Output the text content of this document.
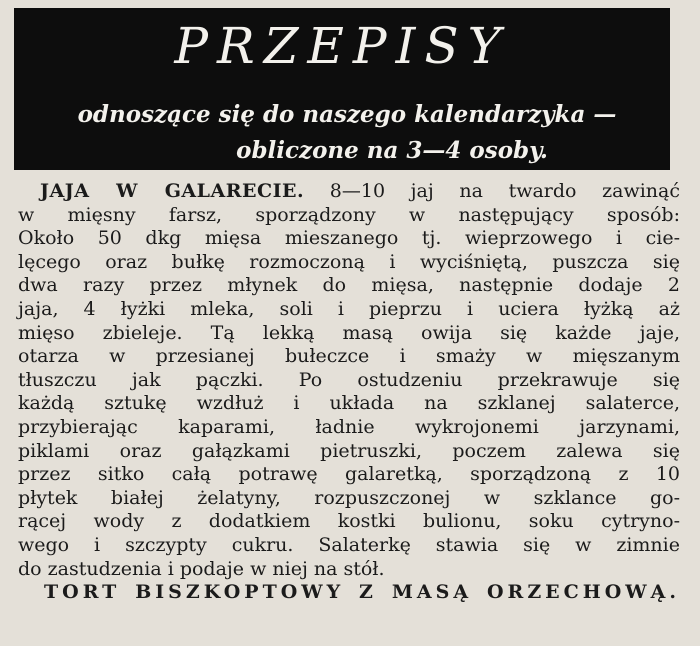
PRZEPISY
odnoszące się do naszego kalendarzyka —
obliczone na 3—4 osoby.
JAJA W GALARECIE. 8—10 jaj na twardo zawinąć
w mięsny farsz, sporządzony w następujący sposób:
Około 50 dkg mięsa mieszanego tj. wieprzowego i cie-
lęcego oraz bułkę rozmoczoną i wyciśniętą, puszcza się
dwa razy przez młynek do mięsa, następnie dodaje 2
jaja, 4 łyżki mleka, soli i pieprzu i uciera łyżką aż
mięso zbieleje. Tą lekką masą owija się każde jaje,
otarza w przesianej bułeczce i smaży w mięszanym
tłuszczu jak pączki. Po ostudzeniu przekrawuje się
każdą sztukę wzdłuż i układa na szklanej salaterce,
przybierając kaparami, ładnie wykrojonemi jarzynami,
piklami oraz gałązkami pietruszki, poczem zalewa się
przez sitko całą potrawę galaretką, sporządzoną z 10
płytek białej żelatyny, rozpuszczonej w szklance go-
rącej wody z dodatkiem kostki bulionu, soku cytryno-
wego i szczypty cukru. Salaterkę stawia się w zimnie
do zastudzenia i podaje w niej na stół.
TORT BISZKOPTOWY Z MASĄ ORZECHOWĄ.
